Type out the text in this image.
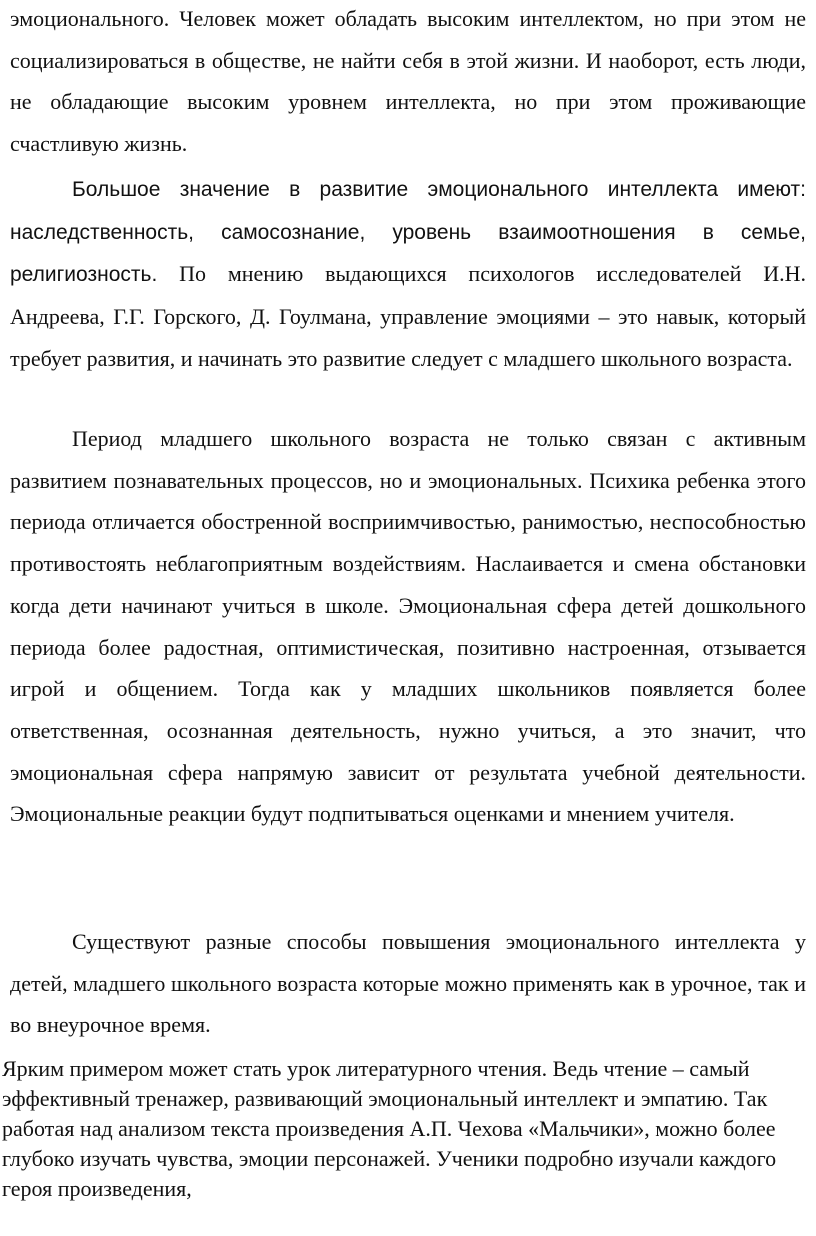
эмоционального. Человек может обладать высоким интеллектом, но при этом не социализироваться в обществе, не найти себя в этой жизни. И наоборот, есть люди, не обладающие высоким уровнем интеллекта, но при этом проживающие счастливую жизнь.

Большое значение в развитие эмоционального интеллекта имеют: наследственность, самосознание, уровень взаимоотношения в семье, религиозность. По мнению выдающихся психологов исследователей И.Н. Андреева, Г.Г. Горского, Д. Гоулмана, управление эмоциями – это навык, который требует развития, и начинать это развитие следует с младшего школьного возраста.

Период младшего школьного возраста не только связан с активным развитием познавательных процессов, но и эмоциональных. Психика ребенка этого периода отличается обостренной восприимчивостью, ранимостью, неспособностью противостоять неблагоприятным воздействиям. Наслаивается и смена обстановки когда дети начинают учиться в школе. Эмоциональная сфера детей дошкольного периода более радостная, оптимистическая, позитивно настроенная, отзывается игрой и общением. Тогда как у младших школьников появляется более ответственная, осознанная деятельность, нужно учиться, а это значит, что эмоциональная сфера напрямую зависит от результата учебной деятельности. Эмоциональные реакции будут подпитываться оценками и мнением учителя.

Существуют разные способы повышения эмоционального интеллекта у детей, младшего школьного возраста которые можно применять как в урочное, так и во внеурочное время.

Ярким примером может стать урок литературного чтения. Ведь чтение – самый эффективный тренажер, развивающий эмоциональный интеллект и эмпатию. Так работая над анализом текста произведения А.П. Чехова «Мальчики», можно более глубоко изучать чувства, эмоции персонажей. Ученики подробно изучали каждого героя произведения,
